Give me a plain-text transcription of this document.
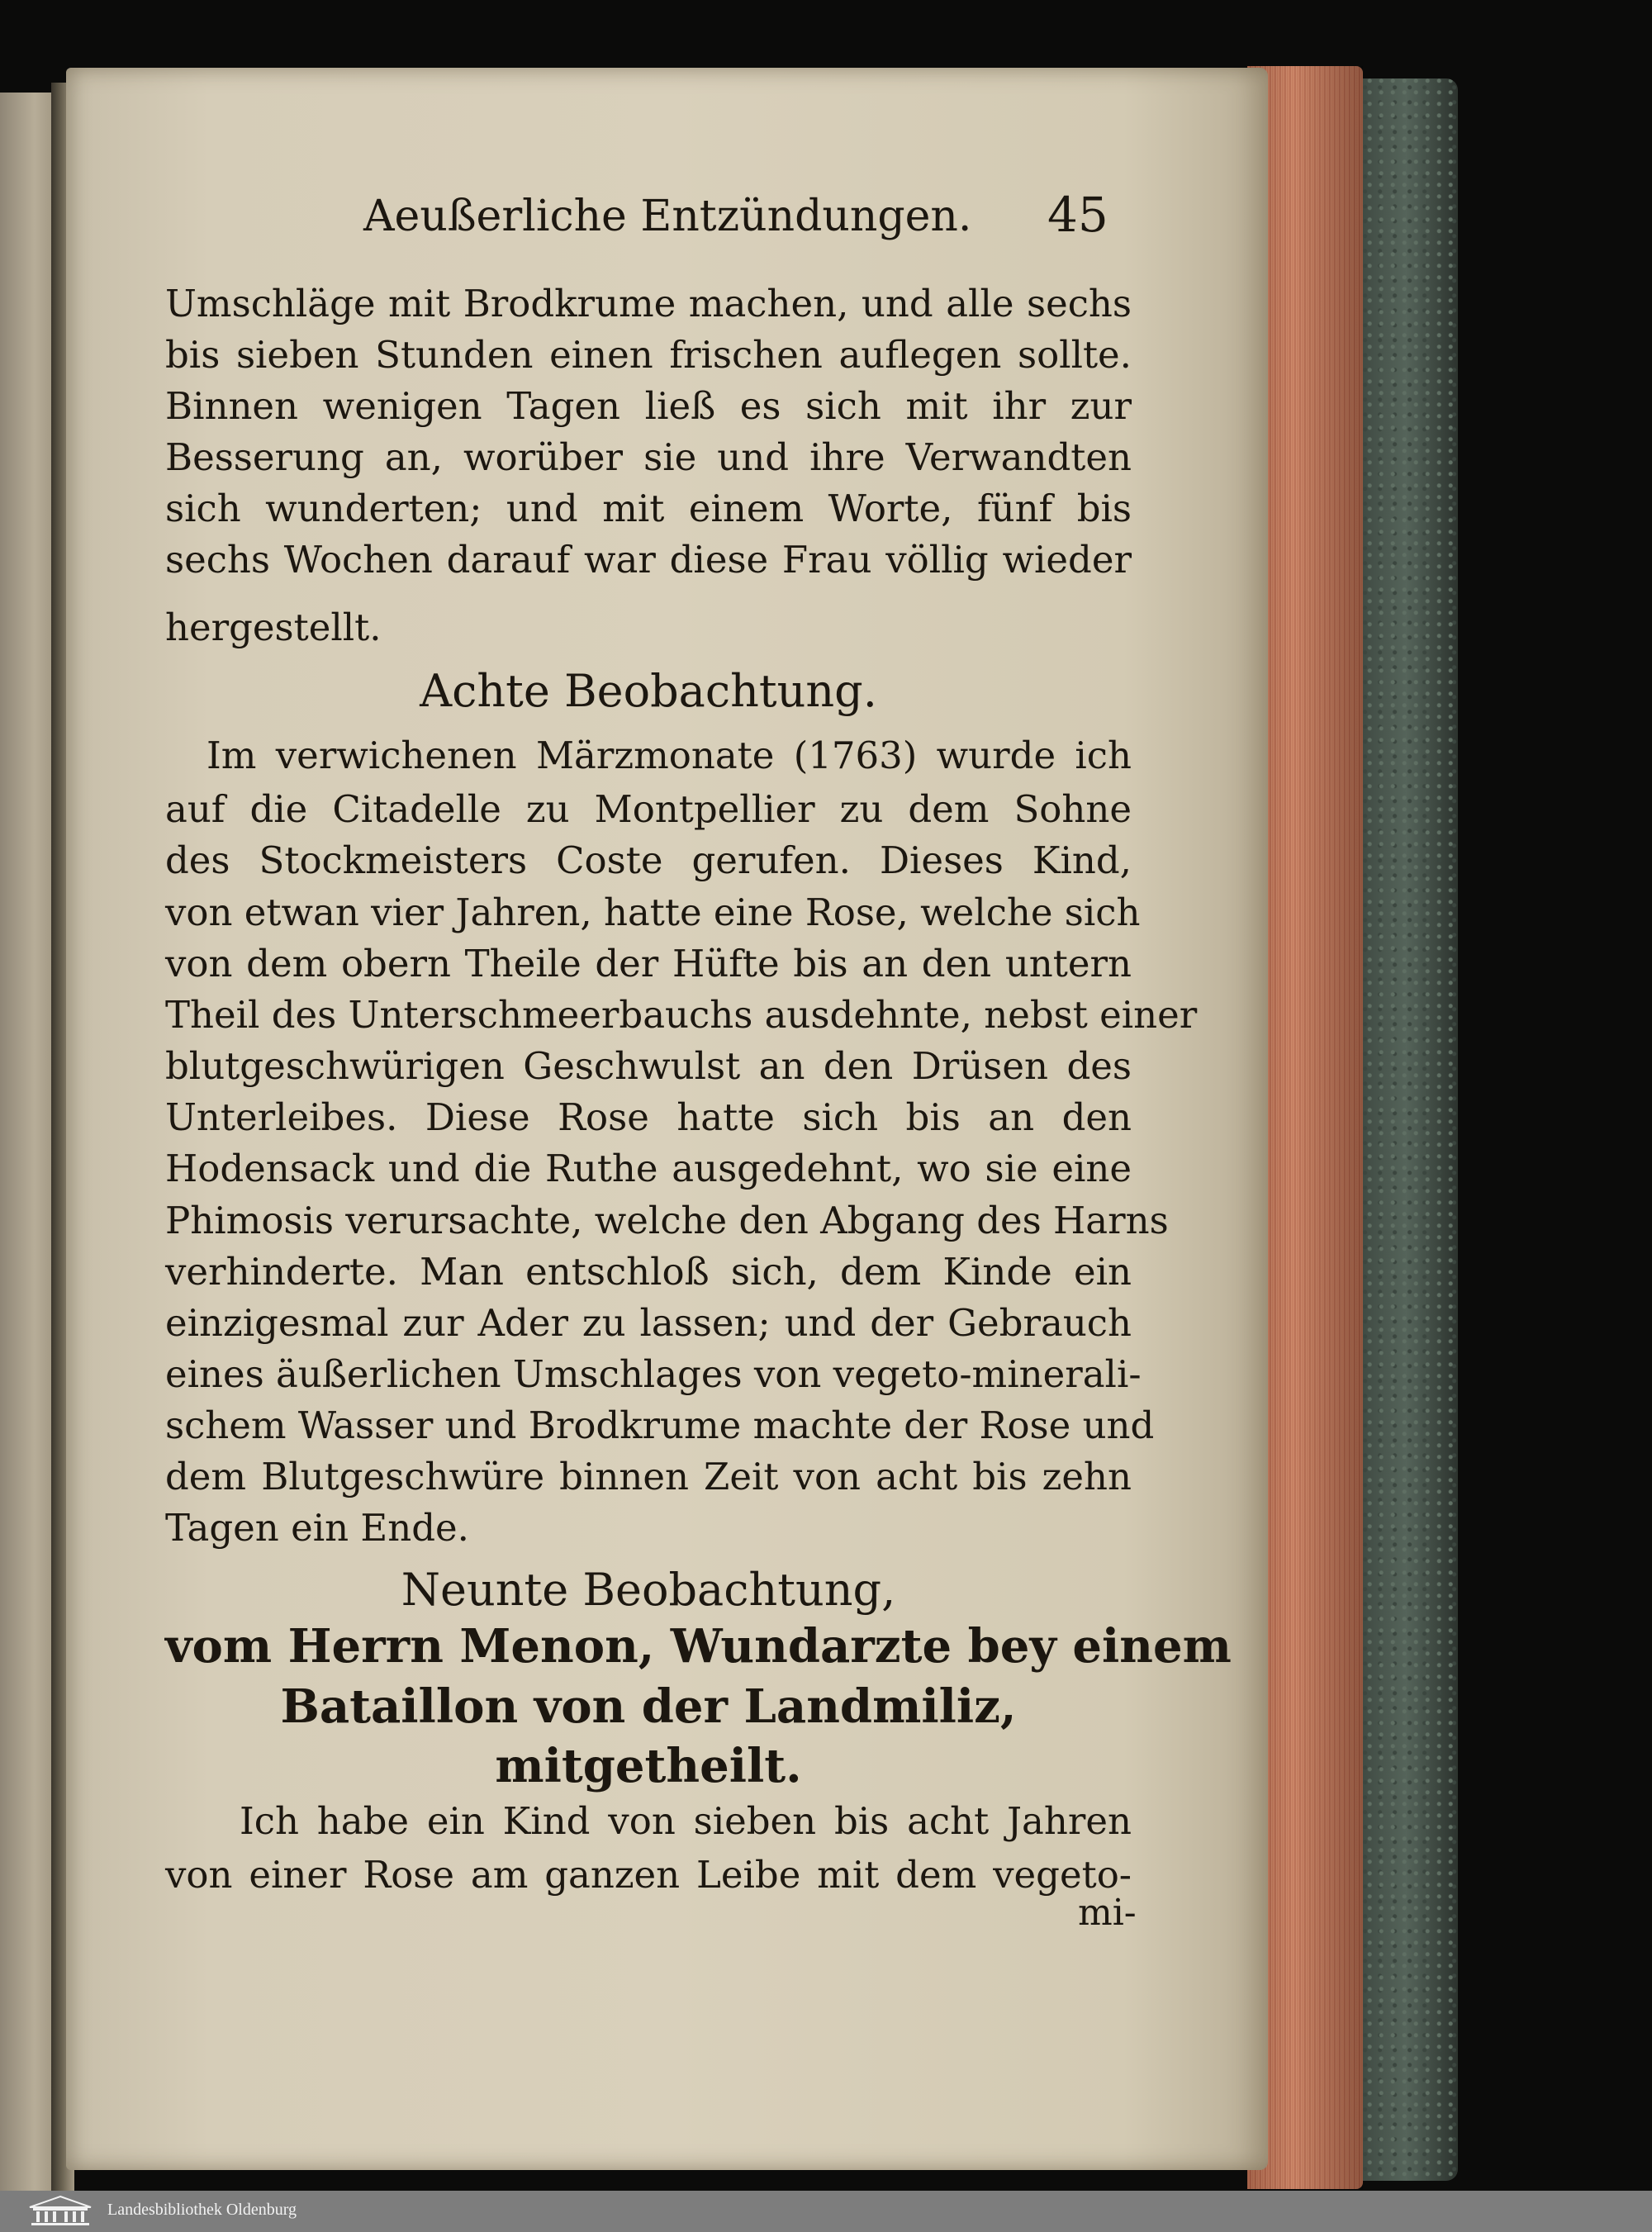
Aeußerliche Entzündungen. 45
Umschläge mit Brodkrume machen, und alle sechs
bis sieben Stunden einen frischen auflegen sollte.
Binnen wenigen Tagen ließ es sich mit ihr zur
Besserung an, worüber sie und ihre Verwandten
sich wunderten; und mit einem Worte, fünf bis
sechs Wochen darauf war diese Frau völlig wieder
hergestellt.
Achte Beobachtung.
Im verwichenen Märzmonate (1763) wurde ich
auf die Citadelle zu Montpellier zu dem Sohne
des Stockmeisters Coste gerufen. Dieses Kind,
von etwan vier Jahren, hatte eine Rose, welche sich
von dem obern Theile der Hüfte bis an den untern
Theil des Unterschmeerbauchs ausdehnte, nebst einer
blutgeschwürigen Geschwulst an den Drüsen des
Unterleibes. Diese Rose hatte sich bis an den
Hodensack und die Ruthe ausgedehnt, wo sie eine
Phimosis verursachte, welche den Abgang des Harns
verhinderte. Man entschloß sich, dem Kinde ein
einzigesmal zur Ader zu lassen; und der Gebrauch
eines äußerlichen Umschlages von vegeto-minerali-
schem Wasser und Brodkrume machte der Rose und
dem Blutgeschwüre binnen Zeit von acht bis zehn
Tagen ein Ende.
Neunte Beobachtung,
vom Herrn Menon, Wundarzte bey einem
Bataillon von der Landmiliz,
mitgetheilt.
Ich habe ein Kind von sieben bis acht Jahren
von einer Rose am ganzen Leibe mit dem vegeto-
mi-
Landesbibliothek Oldenburg
